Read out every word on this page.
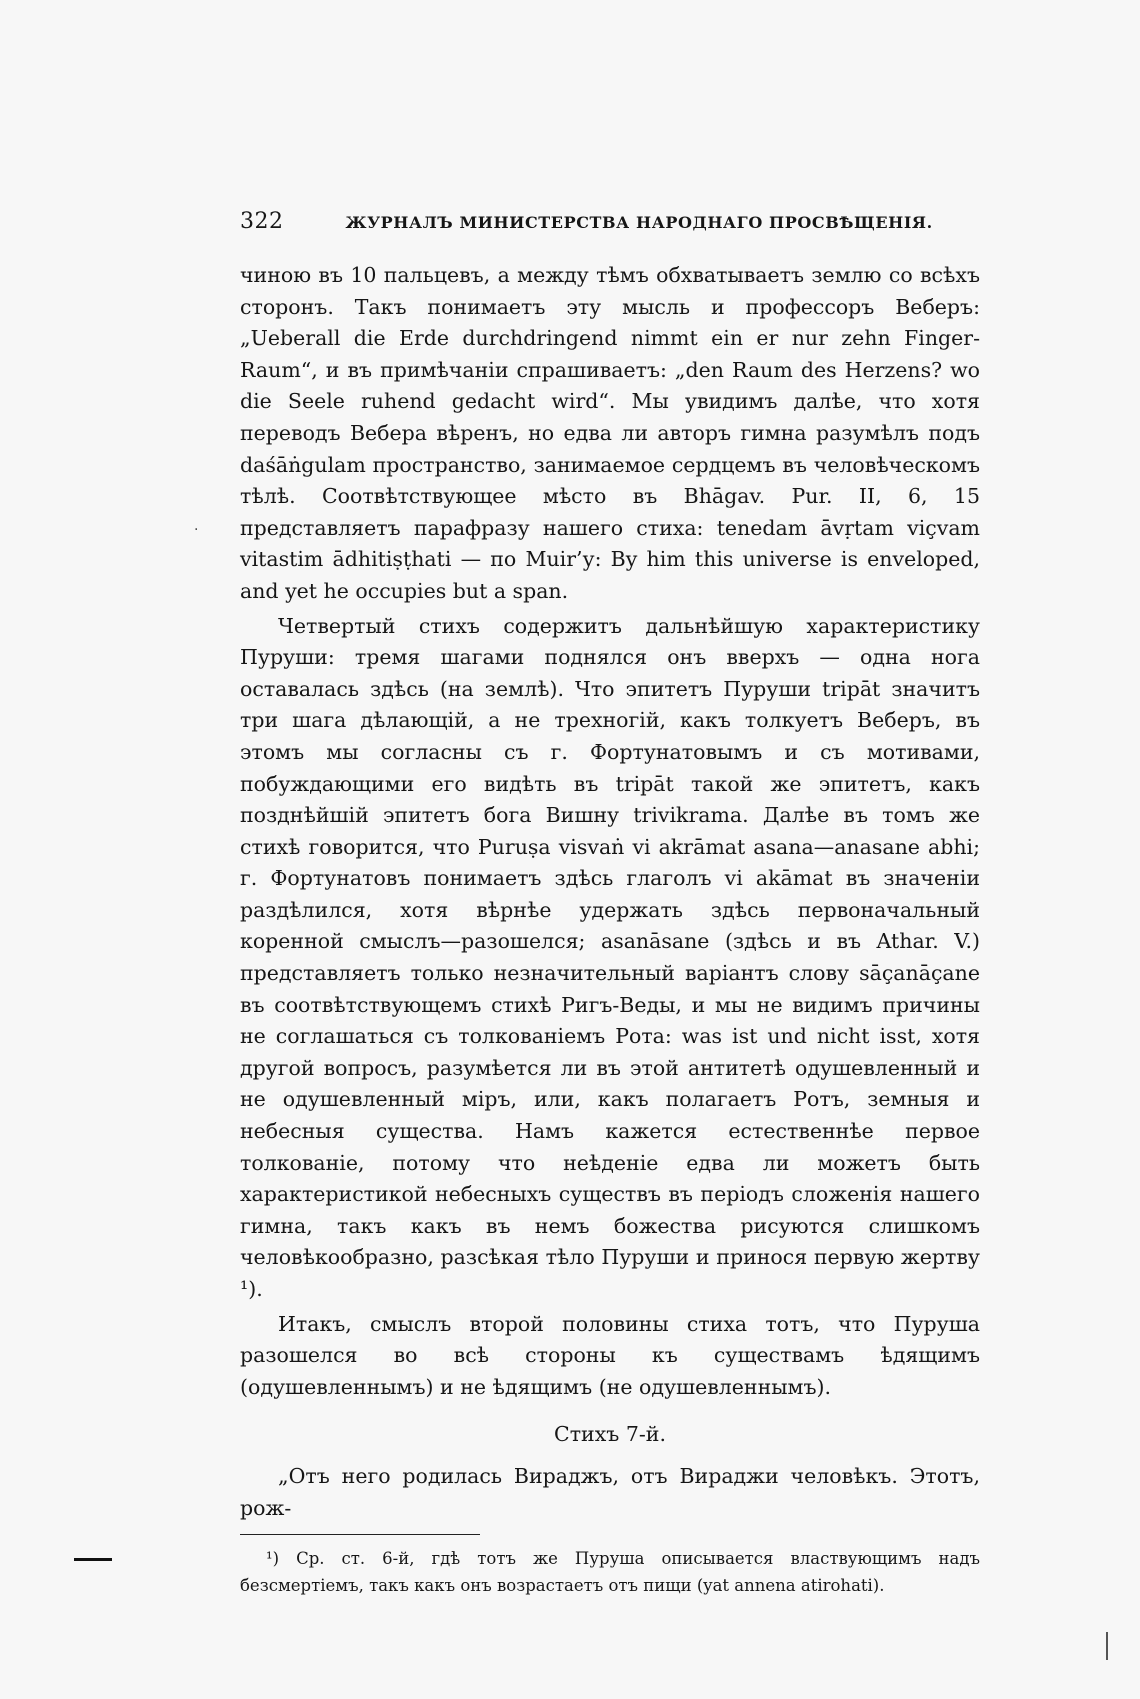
·
322	ЖУРНАЛЪ МИНИСТЕРСТВА НАРОДНАГО ПРОСВѢЩЕНІЯ.

чиною въ 10 пальцевъ, а между тѣмъ обхватываетъ землю со всѣхъ сторонъ. Такъ понимаетъ эту мысль и профессоръ Веберъ: „Ueberall die Erde durchdringend nimmt ein er nur zehn Finger-Raum“, и въ примѣчаніи спрашиваетъ: „den Raum des Herzens? wo die Seele ruhend gedacht wird“. Мы увидимъ далѣе, что хотя переводъ Вебера вѣренъ, но едва ли авторъ гимна разумѣлъ подъ daśāṅgulam пространство, занимаемое сердцемъ въ человѣческомъ тѣлѣ. Соотвѣтствующее мѣсто въ Bhāgav. Pur. II, 6, 15 представляетъ парафразу нашего стиха: tenedam āvṛtam viçvam vitastim ādhitiṣṭhati — по Muir’у: By him this universe is enveloped, and yet he occupies but a span.

Четвертый стихъ содержитъ дальнѣйшую характеристику Пуруши: тремя шагами поднялся онъ вверхъ — одна нога оставалась здѣсь (на землѣ). Что эпитетъ Пуруши tripāt значитъ три шага дѣлающій, а не трехногій, какъ толкуетъ Веберъ, въ этомъ мы согласны съ г. Фортунатовымъ и съ мотивами, побуждающими его видѣть въ tripāt такой же эпитетъ, какъ позднѣйшій эпитетъ бога Вишну trivikrama. Далѣе въ томъ же стихѣ говорится, что Puruṣa visvaṅ vi akrāmat asana—anasane abhi; г. Фортунатовъ понимаетъ здѣсь глаголъ vi akāmat въ значеніи раздѣлился, хотя вѣрнѣе удержать здѣсь первоначальный коренной смыслъ—разошелся; asanāsane (здѣсь и въ Athar. V.) представляетъ только незначительный варіантъ слову sāçanāçane въ соотвѣтствующемъ стихѣ Ригъ-Веды, и мы не видимъ причины не соглашаться съ толкованіемъ Рота: was ist und nicht isst, хотя другой вопросъ, разумѣется ли въ этой антитетѣ одушевленный и не одушевленный міръ, или, какъ полагаетъ Ротъ, земныя и небесныя существа. Намъ кажется естественнѣе первое толкованіе, потому что неѣденіе едва ли можетъ быть характеристикой небесныхъ существъ въ періодъ сложенія нашего гимна, такъ какъ въ немъ божества рисуются слишкомъ человѣкообразно, разсѣкая тѣло Пуруши и принося первую жертву ¹).

Итакъ, смыслъ второй половины стиха тотъ, что Пуруша разошелся во всѣ стороны къ существамъ ѣдящимъ (одушевленнымъ) и не ѣдящимъ (не одушевленнымъ).

Стихъ 7-й.

„Отъ него родилась Вираджъ, отъ Вираджи человѣкъ. Этотъ, рож-

¹) Ср. ст. 6-й, гдѣ тотъ же Пуруша описывается властвующимъ надъ безсмертіемъ, такъ какъ онъ возрастаетъ отъ пищи (yat annena atirohati).
